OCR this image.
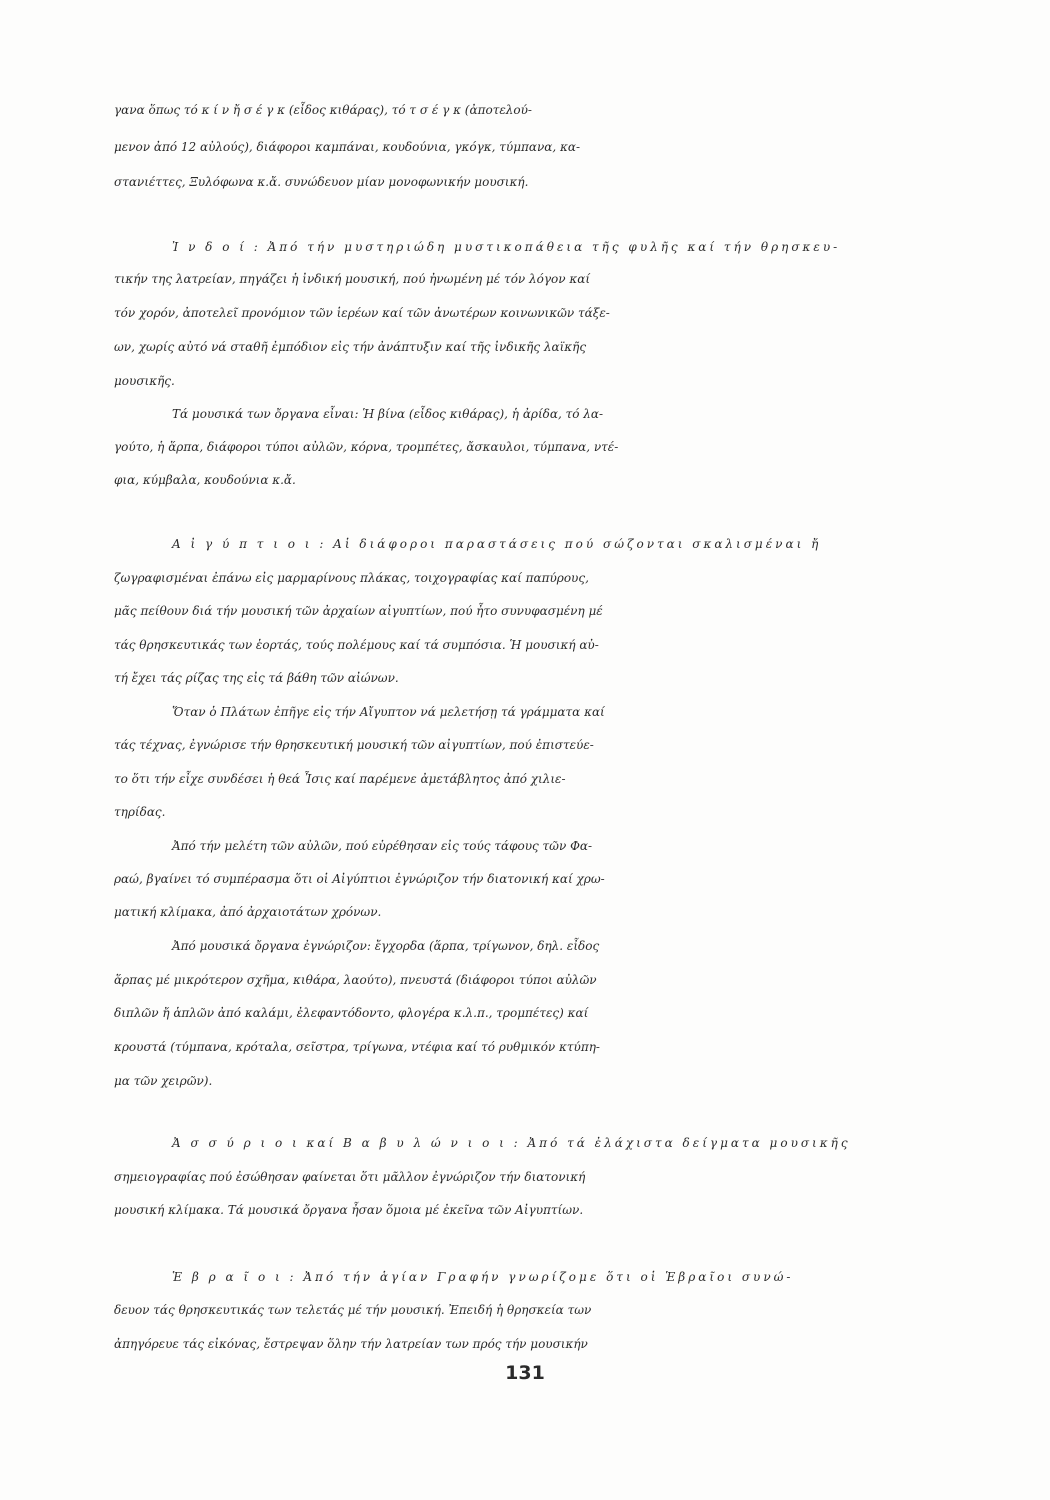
γανα ὅπως τό κ ί ν ἤ σ έ γ κ (εἶδος κιθάρας), τό τ σ έ γ κ (ἀποτελού-
μενον ἀπό 12 αὐλούς), διάφοροι καμπάναι, κουδούνια, γκόγκ, τύμπανα, κα-
στανιέττες, Ξυλόφωνα κ.ἄ. συνώδευον μίαν μονοφωνικήν μουσική.
Ἰ ν δ ο ί : Ἀπό τήν μυστηριώδη μυστικοπάθεια τῆς φυλῆς καί τήν θρησκευ-
τικήν της λατρείαν, πηγάζει ἡ ἰνδική μουσική, πού ἠνωμένη μέ τόν λόγον καί
τόν χορόν, ἀποτελεῖ προνόμιον τῶν ἱερέων καί τῶν ἀνωτέρων κοινωνικῶν τάξε-
ων, χωρίς αὐτό νά σταθῆ ἐμπόδιον εἰς τήν ἀνάπτυξιν καί τῆς ἰνδικῆς λαϊκῆς
μουσικῆς.
Τά μουσικά των ὄργανα εἶναι: Ἡ βίνα (εἶδος κιθάρας), ἡ ἀρίδα, τό λα-
γούτο, ἡ ἅρπα, διάφοροι τύποι αὐλῶν, κόρνα, τρομπέτες, ἄσκαυλοι, τύμπανα, ντέ-
φια, κύμβαλα, κουδούνια κ.ἄ.
Α ἰ γ ύ π τ ι ο ι : Αἱ διάφοροι παραστάσεις πού σώζονται σκαλισμέναι ἤ
ζωγραφισμέναι ἐπάνω εἰς μαρμαρίνους πλάκας, τοιχογραφίας καί παπύρους,
μᾶς πείθουν διά τήν μουσική τῶν ἀρχαίων αἰγυπτίων, πού ἦτο συνυφασμένη μέ
τάς θρησκευτικάς των ἑορτάς, τούς πολέμους καί τά συμπόσια. Ἡ μουσική αὐ-
τή ἔχει τάς ρίζας της εἰς τά βάθη τῶν αἰώνων.
Ὅταν ὁ Πλάτων ἐπῆγε εἰς τήν Αἴγυπτον νά μελετήσῃ τά γράμματα καί
τάς τέχνας, ἐγνώρισε τήν θρησκευτική μουσική τῶν αἰγυπτίων, πού ἐπιστεύε-
το ὅτι τήν εἶχε συνδέσει ἡ θεά Ἶσις καί παρέμενε ἀμετάβλητος ἀπό χιλιε-
τηρίδας.
Ἀπό τήν μελέτη τῶν αὐλῶν, πού εὑρέθησαν εἰς τούς τάφους τῶν Φα-
ραώ, βγαίνει τό συμπέρασμα ὅτι οἱ Αἰγύπτιοι ἐγνώριζον τήν διατονική καί χρω-
ματική κλίμακα, ἀπό ἀρχαιοτάτων χρόνων.
Ἀπό μουσικά ὄργανα ἐγνώριζον: ἔγχορδα (ἅρπα, τρίγωνον, δηλ. εἶδος
ἅρπας μέ μικρότερον σχῆμα, κιθάρα, λαούτο), πνευστά (διάφοροι τύποι αὐλῶν
διπλῶν ἤ ἁπλῶν ἀπό καλάμι, ἐλεφαντόδοντο, φλογέρα κ.λ.π., τρομπέτες) καί
κρουστά (τύμπανα, κρόταλα, σεῖστρα, τρίγωνα, ντέφια καί τό ρυθμικόν κτύπη-
μα τῶν χειρῶν).
Ἀ σ σ ύ ρ ι ο ι καί Β α β υ λ ώ ν ι ο ι : Ἀπό τά ἐλάχιστα δείγματα μουσικῆς
σημειογραφίας πού ἐσώθησαν φαίνεται ὅτι μᾶλλον ἐγνώριζον τήν διατονική
μουσική κλίμακα. Τά μουσικά ὄργανα ἦσαν ὅμοια μέ ἐκεῖνα τῶν Αἰγυπτίων.
Ἑ β ρ α ῖ ο ι : Ἀπό τήν ἁγίαν Γραφήν γνωρίζομε ὅτι οἱ Ἑβραῖοι συνώ-
δευον τάς θρησκευτικάς των τελετάς μέ τήν μουσική. Ἐπειδή ἡ θρησκεία των
ἀπηγόρευε τάς εἰκόνας, ἔστρεψαν ὅλην τήν λατρείαν των πρός τήν μουσικήν
131
